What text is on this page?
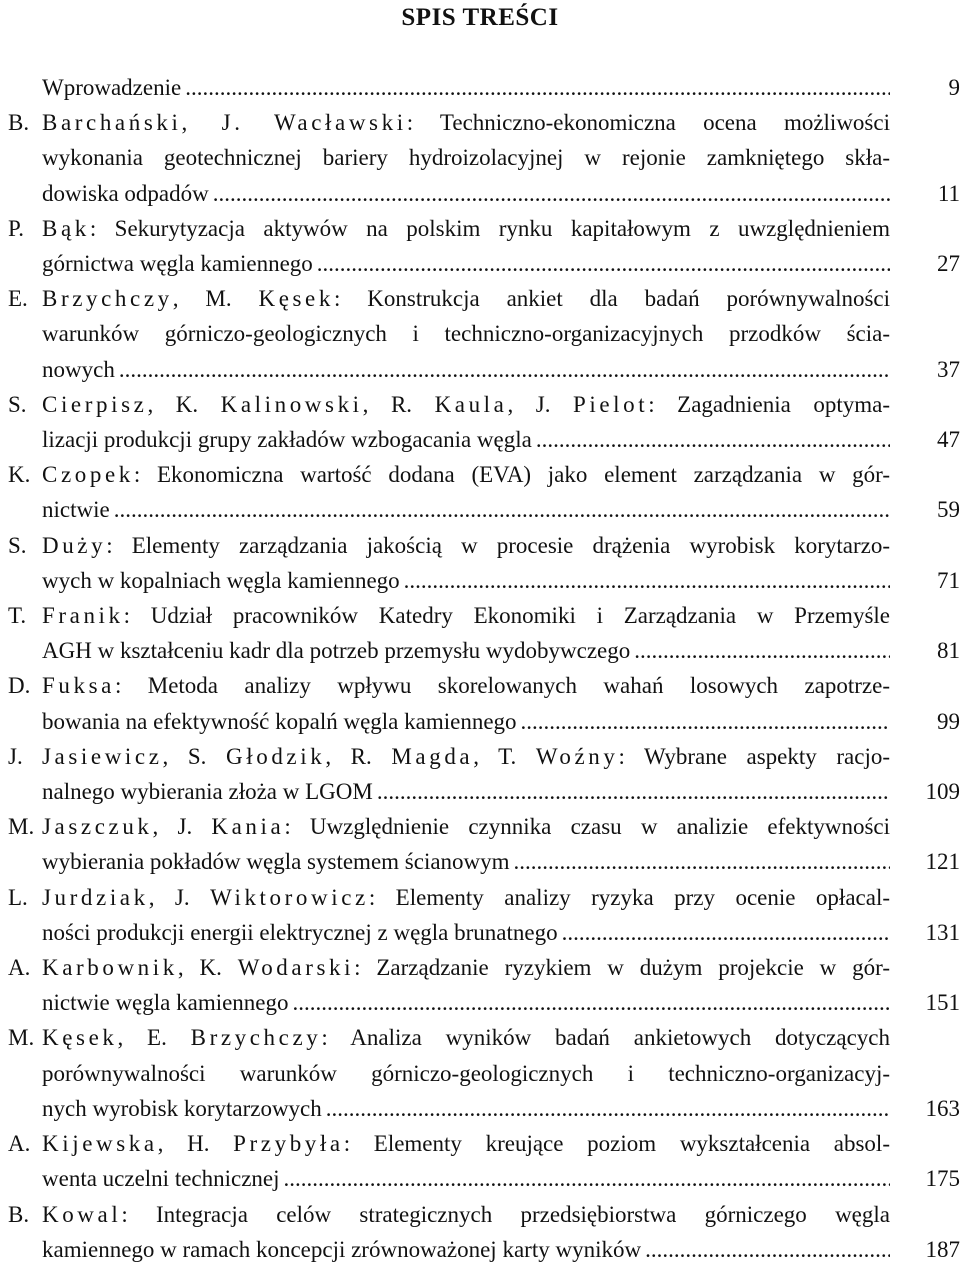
SPIS TREŚCI
Wprowadzenie .....	9
B. Barchański, J. Wacławski: Techniczno-ekonomiczna ocena możliwości
wykonania geotechnicznej bariery hydroizolacyjnej w rejonie zamkniętego skła-
dowiska odpadów .....	11
P. Bąk: Sekurytyzacja aktywów na polskim rynku kapitałowym z uwzględnieniem
górnictwa węgla kamiennego .....	27
E. Brzychczy, M. Kęsek: Konstrukcja ankiet dla badań porównywalności
warunków górniczo-geologicznych i techniczno-organizacyjnych przodków ścia-
nowych .....	37
S. Cierpisz, K. Kalinowski, R. Kaula, J. Pielot: Zagadnienia optyma-
lizacji produkcji grupy zakładów wzbogacania węgla .....	47
K. Czopek: Ekonomiczna wartość dodana (EVA) jako element zarządzania w gór-
nictwie .....	59
S. Duży: Elementy zarządzania jakością w procesie drążenia wyrobisk korytarzo-
wych w kopalniach węgla kamiennego .....	71
T. Franik: Udział pracowników Katedry Ekonomiki i Zarządzania w Przemyśle
AGH w kształceniu kadr dla potrzeb przemysłu wydobywczego .....	81
D. Fuksa: Metoda analizy wpływu skorelowanych wahań losowych zapotrze-
bowania na efektywność kopalń węgla kamiennego .....	99
J. Jasiewicz, S. Głodzik, R. Magda, T. Woźny: Wybrane aspekty racjo-
nalnego wybierania złoża w LGOM .....	109
M. Jaszczuk, J. Kania: Uwzględnienie czynnika czasu w analizie efektywności
wybierania pokładów węgla systemem ścianowym .....	121
L. Jurdziak, J. Wiktorowicz: Elementy analizy ryzyka przy ocenie opłacal-
ności produkcji energii elektrycznej z węgla brunatnego .....	131
A. Karbownik, K. Wodarski: Zarządzanie ryzykiem w dużym projekcie w gór-
nictwie węgla kamiennego .....	151
M. Kęsek, E. Brzychczy: Analiza wyników badań ankietowych dotyczących
porównywalności warunków górniczo-geologicznych i techniczno-organizacyj-
nych wyrobisk korytarzowych .....	163
A. Kijewska, H. Przybyła: Elementy kreujące poziom wykształcenia absol-
wenta uczelni technicznej .....	175
B. Kowal: Integracja celów strategicznych przedsiębiorstwa górniczego węgla
kamiennego w ramach koncepcji zrównoważonej karty wyników .....	187
